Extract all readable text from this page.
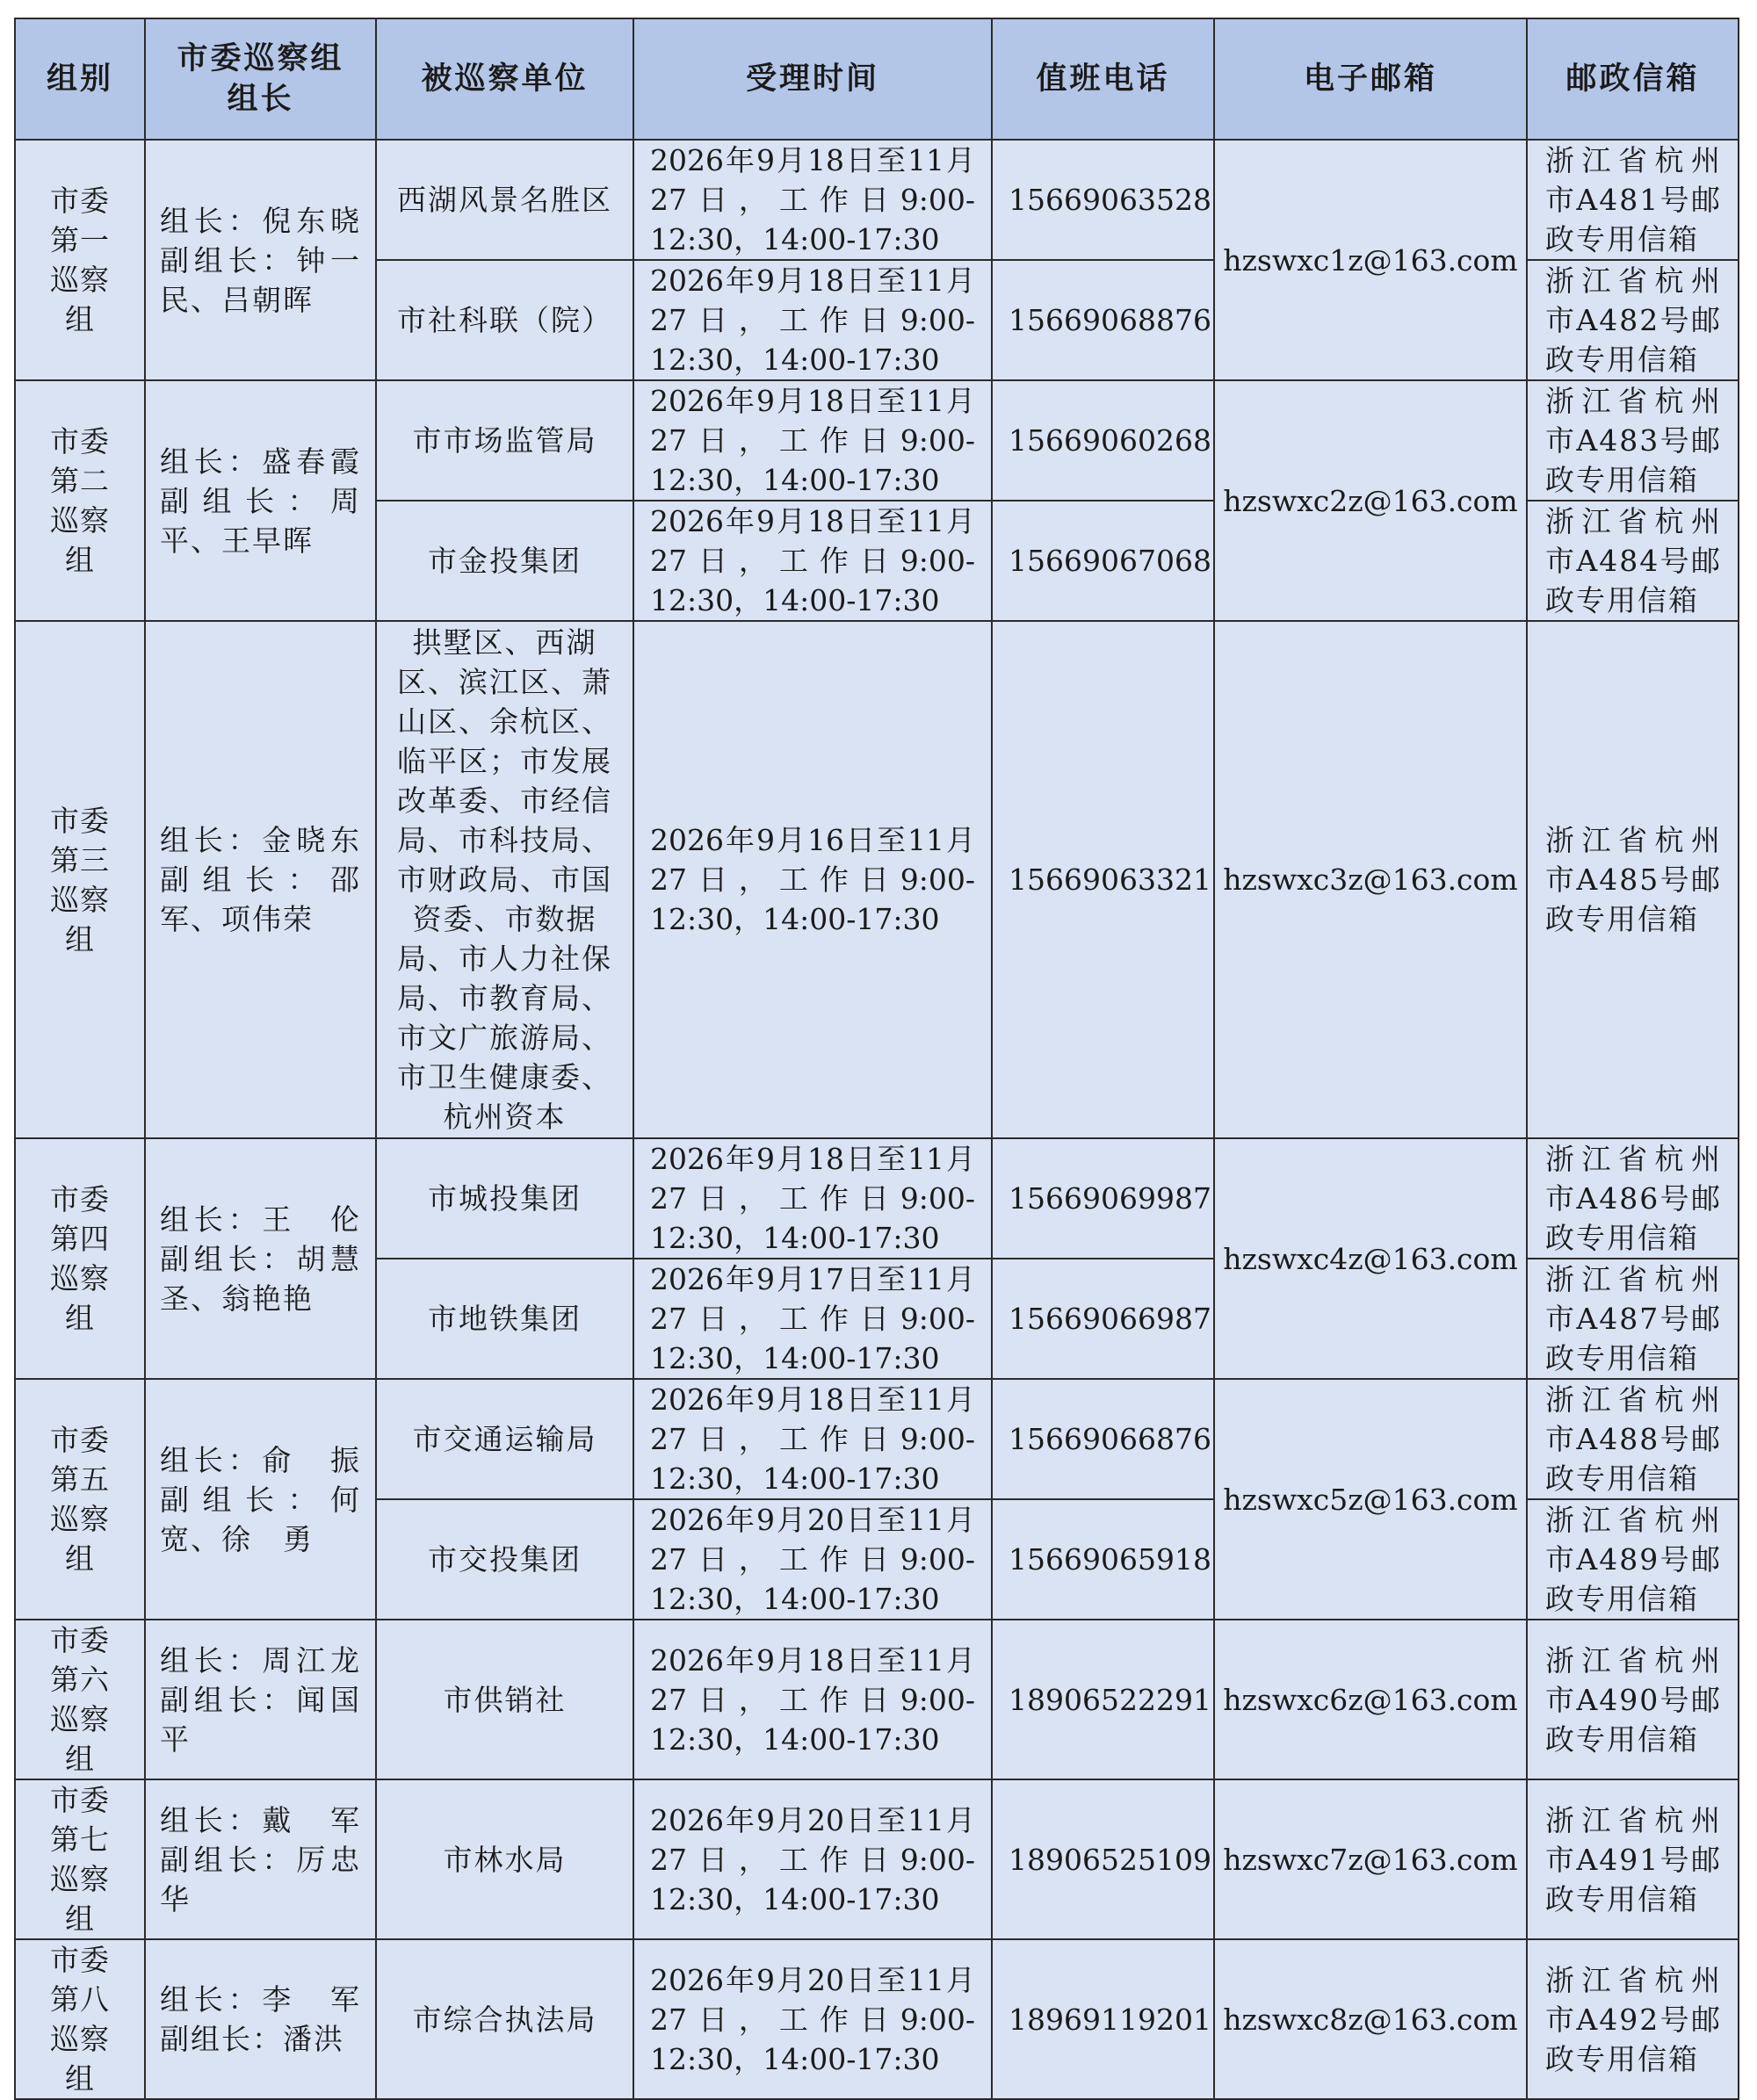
组别	市委巡察组组长	被巡察单位	受理时间	值班电话	电子邮箱	邮政信箱
市委第一巡察组	组长：倪东晓 副组长：钟一民、吕朝晖	西湖风景名胜区	2026年9月18日至11月27日，工作日9:00-12:30，14:00-17:30	15669063528	hzswxc1z@163.com	浙江省杭州市A481号邮政专用信箱
		市社科联（院）	2026年9月18日至11月27日，工作日9:00-12:30，14:00-17:30	15669068876		浙江省杭州市A482号邮政专用信箱
市委第二巡察组	组长：盛春霞 副组长：周平、王早晖	市市场监管局	2026年9月18日至11月27日，工作日9:00-12:30，14:00-17:30	15669060268	hzswxc2z@163.com	浙江省杭州市A483号邮政专用信箱
		市金投集团	2026年9月18日至11月27日，工作日9:00-12:30，14:00-17:30	15669067068		浙江省杭州市A484号邮政专用信箱
市委第三巡察组	组长：金晓东 副组长：邵军、项伟荣	拱墅区、西湖区、滨江区、萧山区、余杭区、临平区；市发展改革委、市经信局、市科技局、市财政局、市国资委、市数据局、市人力社保局、市教育局、市文广旅游局、市卫生健康委、杭州资本	2026年9月16日至11月27日，工作日9:00-12:30，14:00-17:30	15669063321	hzswxc3z@163.com	浙江省杭州市A485号邮政专用信箱
市委第四巡察组	组长：王　伦 副组长：胡慧圣、翁艳艳	市城投集团	2026年9月18日至11月27日，工作日9:00-12:30，14:00-17:30	15669069987	hzswxc4z@163.com	浙江省杭州市A486号邮政专用信箱
		市地铁集团	2026年9月17日至11月27日，工作日9:00-12:30，14:00-17:30	15669066987		浙江省杭州市A487号邮政专用信箱
市委第五巡察组	组长：俞　振 副组长：何宽、徐　勇	市交通运输局	2026年9月18日至11月27日，工作日9:00-12:30，14:00-17:30	15669066876	hzswxc5z@163.com	浙江省杭州市A488号邮政专用信箱
		市交投集团	2026年9月20日至11月27日，工作日9:00-12:30，14:00-17:30	15669065918		浙江省杭州市A489号邮政专用信箱
市委第六巡察组	组长：周江龙 副组长：闻国平	市供销社	2026年9月18日至11月27日，工作日9:00-12:30，14:00-17:30	18906522291	hzswxc6z@163.com	浙江省杭州市A490号邮政专用信箱
市委第七巡察组	组长：戴　军 副组长：厉忠华	市林水局	2026年9月20日至11月27日，工作日9:00-12:30，14:00-17:30	18906525109	hzswxc7z@163.com	浙江省杭州市A491号邮政专用信箱
市委第八巡察组	组长：李　军 副组长：潘洪	市综合执法局	2026年9月20日至11月27日，工作日9:00-12:30，14:00-17:30	18969119201	hzswxc8z@163.com	浙江省杭州市A492号邮政专用信箱
